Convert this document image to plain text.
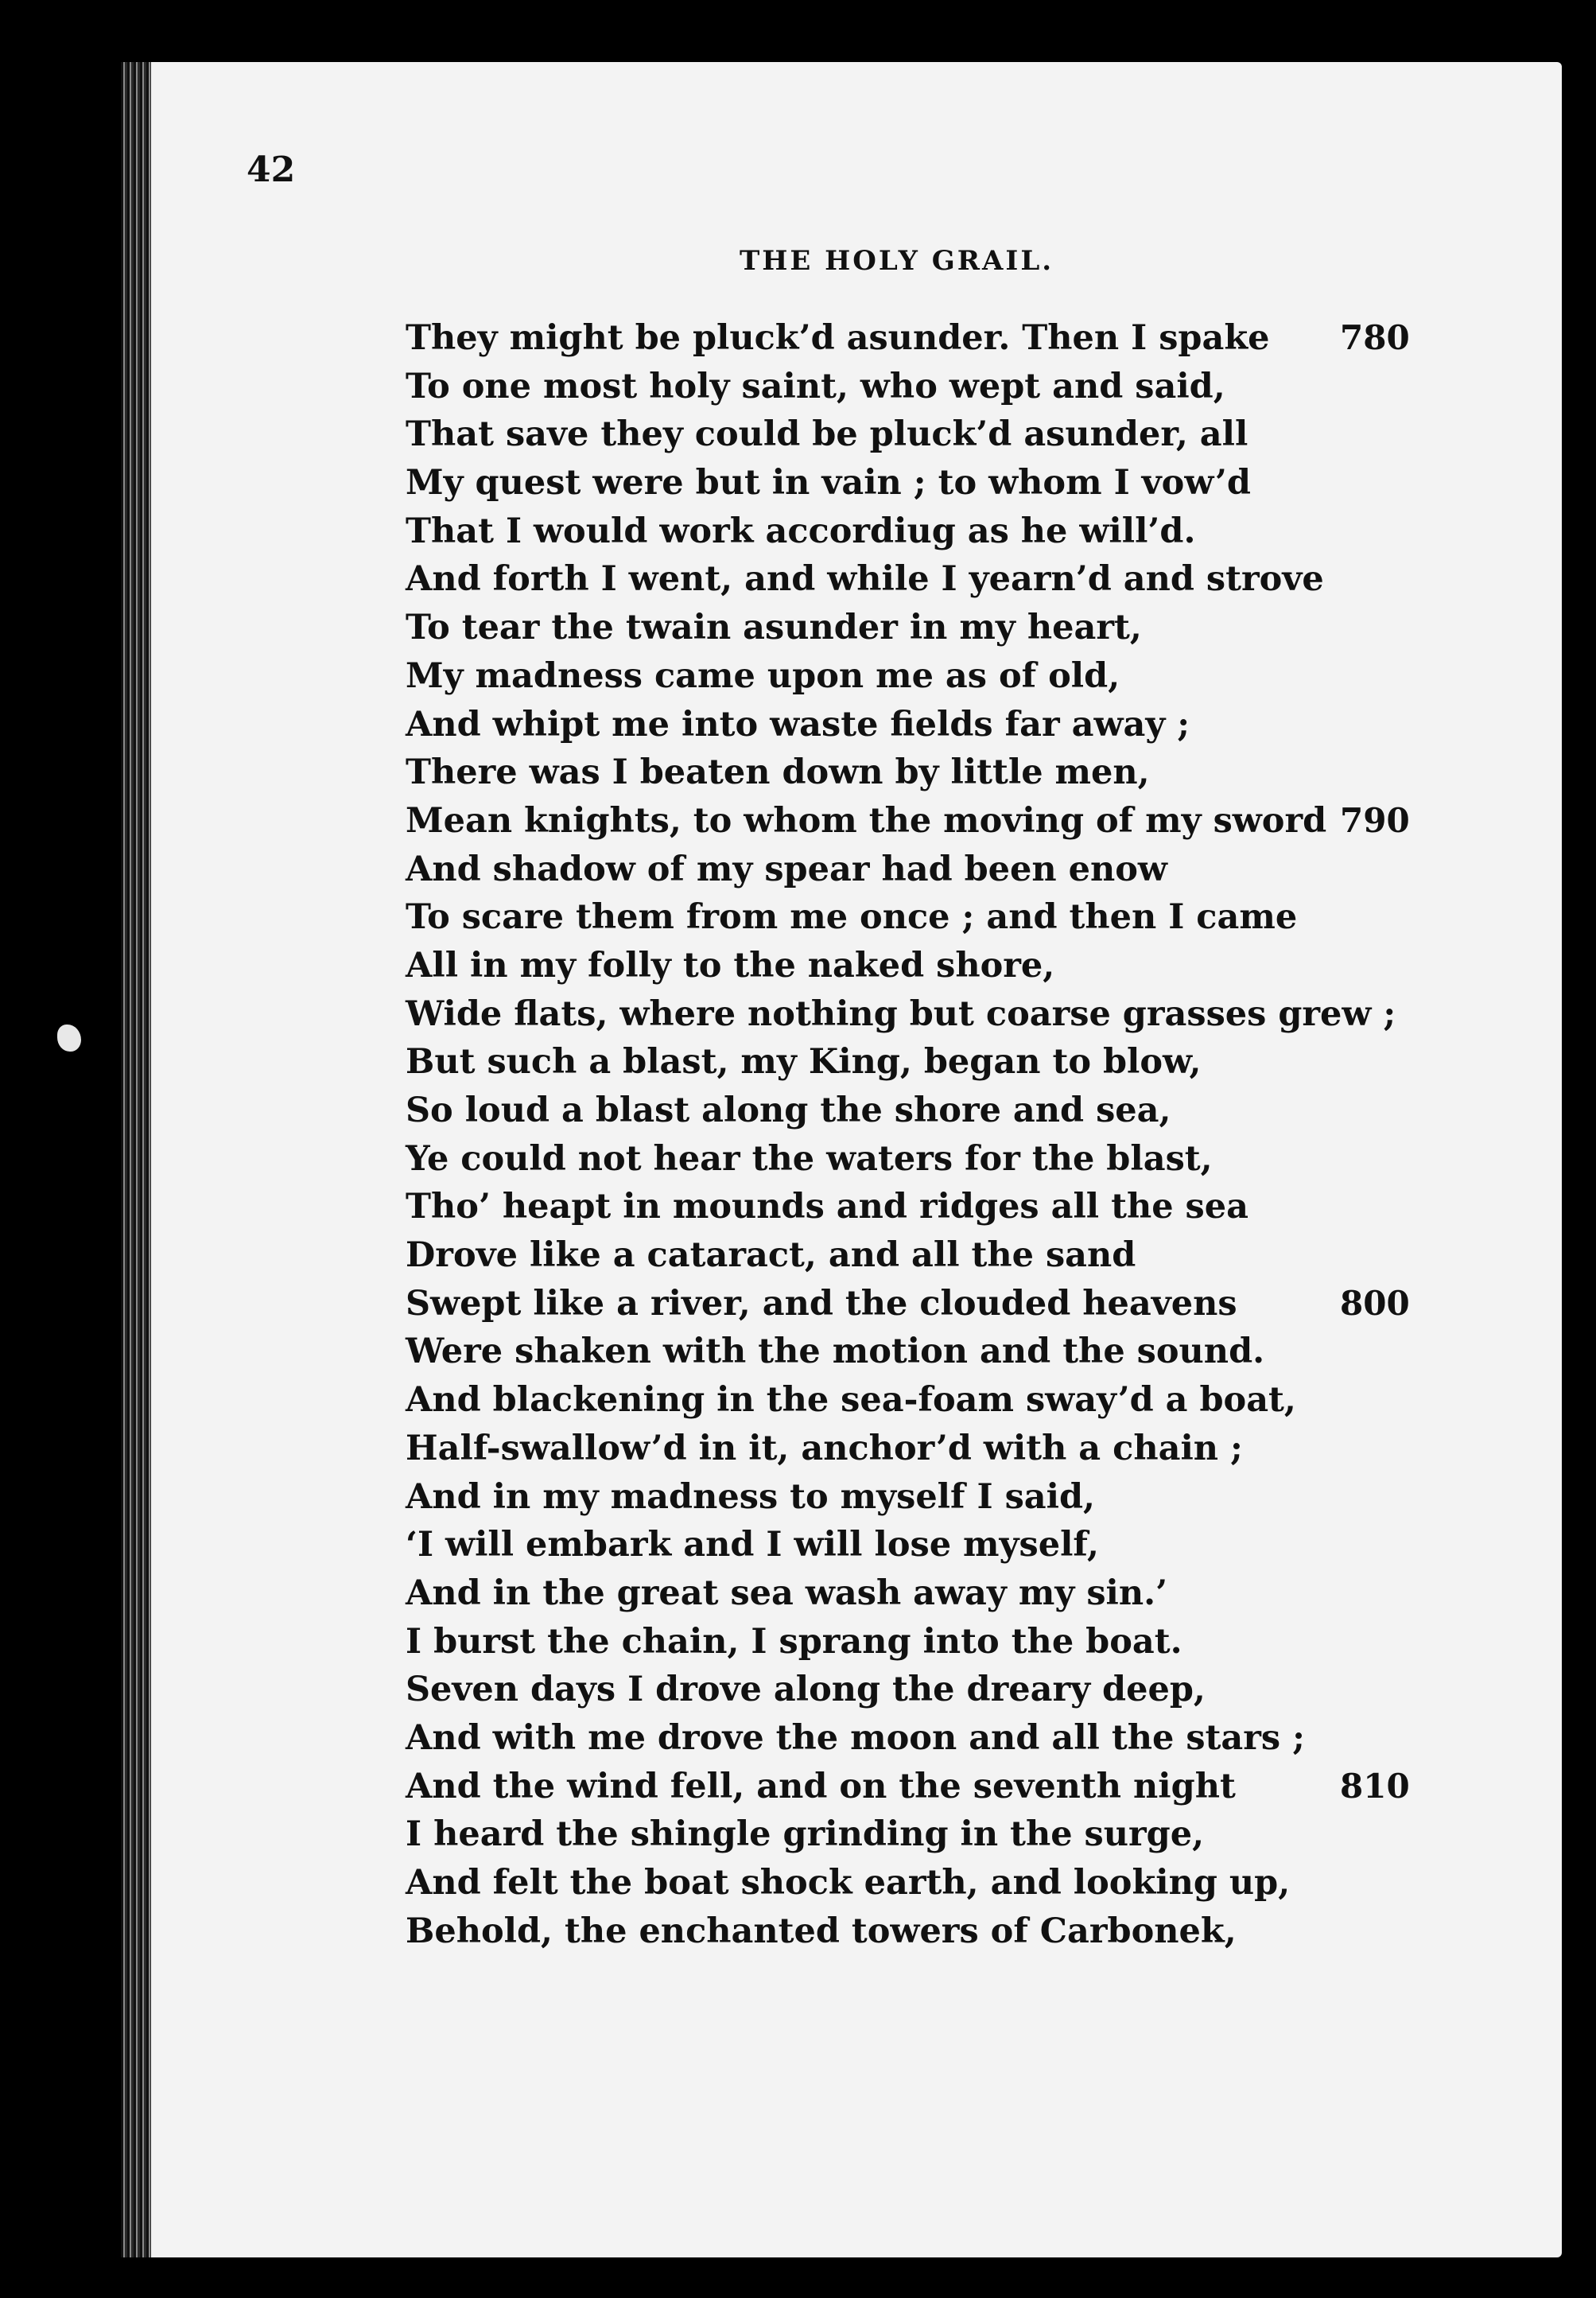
42
THE HOLY GRAIL.
They might be pluck’d asunder. Then I spake 780
To one most holy saint, who wept and said,
That save they could be pluck’d asunder, all
My quest were but in vain ; to whom I vow’d
That I would work accordiug as he will’d.
And forth I went, and while I yearn’d and strove
To tear the twain asunder in my heart,
My madness came upon me as of old,
And whipt me into waste fields far away ;
There was I beaten down by little men,
Mean knights, to whom the moving of my sword 790
And shadow of my spear had been enow
To scare them from me once ; and then I came
All in my folly to the naked shore,
Wide flats, where nothing but coarse grasses grew ;
But such a blast, my King, began to blow,
So loud a blast along the shore and sea,
Ye could not hear the waters for the blast,
Tho’ heapt in mounds and ridges all the sea
Drove like a cataract, and all the sand
Swept like a river, and the clouded heavens	800
Were shaken with the motion and the sound.
And blackening in the sea-foam sway’d a boat,
Half-swallow’d in it, anchor’d with a chain ;
And in my madness to myself I said,
‘I will embark and I will lose myself,
And in the great sea wash away my sin.’
I burst the chain, I sprang into the boat.
Seven days I drove along the dreary deep,
And with me drove the moon and all the stars ;
And the wind fell, and on the seventh night	810
I heard the shingle grinding in the surge,
And felt the boat shock earth, and looking up,
Behold, the enchanted towers of Carbonek,
